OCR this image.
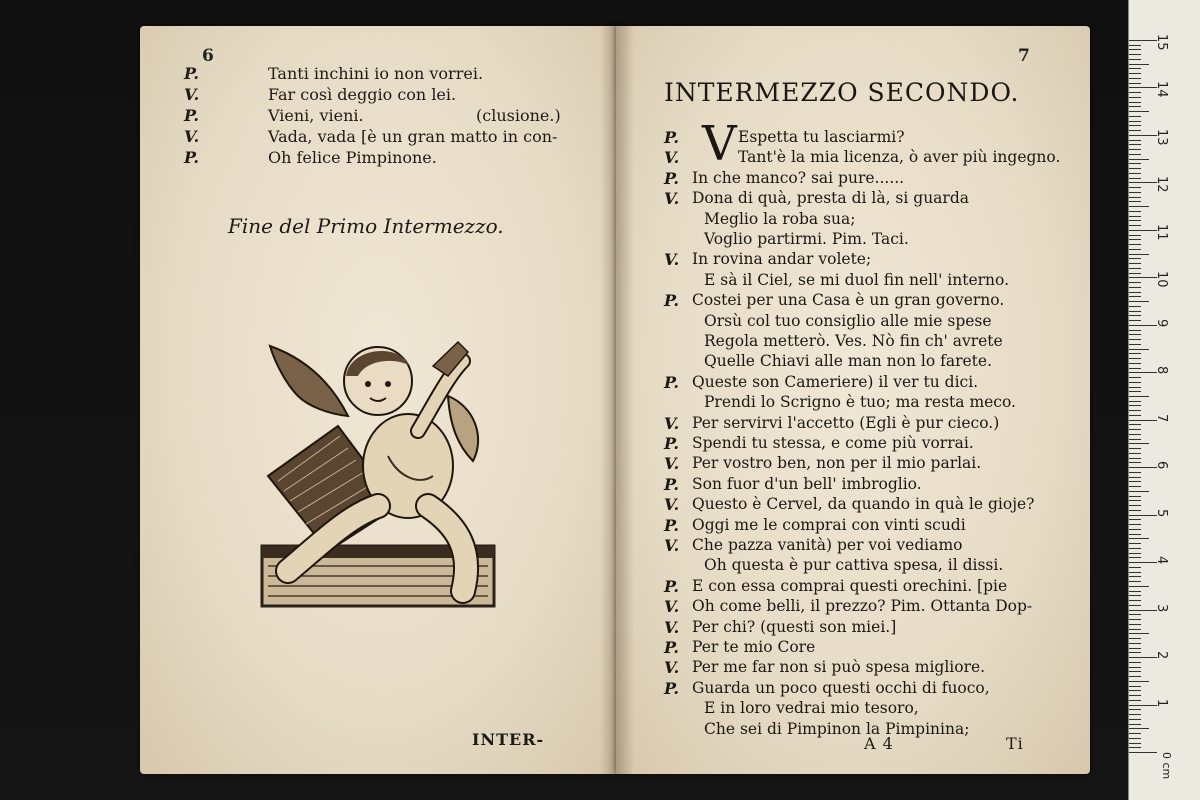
6
P.	Tanti inchini io non vorrei.
V.	Far così deggio con lei.
P.	Vieni, vieni.
V.	Vada, vada [è un gran matto in con-
P.	Oh felice Pimpinone.
(clusione.)
Fine del Primo Intermezzo.
INTER-
7
INTERMEZZO SECONDO.
V
P.	Espetta tu lasciarmi?
V.	Tant'è la mia licenza, ò aver più ingegno.
P. In che manco? sai pure......
V. Dona di quà, presta di là, si guarda
Meglio la roba sua;
Voglio partirmi. Pim. Taci.
V. In rovina andar volete;
E sà il Ciel, se mi duol fin nell' interno.
P. Costei per una Casa è un gran governo.
Orsù col tuo consiglio alle mie spese
Regola metterò. Ves. Nò fin ch' avrete
Quelle Chiavi alle man non lo farete.
P. Queste son Cameriere) il ver tu dici.
Prendi lo Scrigno è tuo; ma resta meco.
V. Per servirvi l'accetto (Egli è pur cieco.)
P. Spendi tu stessa, e come più vorrai.
V. Per vostro ben, non per il mio parlai.
P. Son fuor d'un bell' imbroglio.
V. Questo è Cervel, da quando in quà le gioje?
P. Oggi me le comprai con vinti scudi
V. Che pazza vanità) per voi vediamo
Oh questa è pur cattiva spesa, il dissi.
P. E con essa comprai questi orechini. [pie
V. Oh come belli, il prezzo? Pim. Ottanta Dop-
V. Per chi? (questi son miei.]
P. Per te mio Core
V. Per me far non si può spesa migliore.
P. Guarda un poco questi occhi di fuoco,
E in loro vedrai mio tesoro,
Che sei di Pimpinon la Pimpinina;
A 4	Ti
15
14
13
12
11
10
9
8
7
6
5
4
3
2
1
0 cm
